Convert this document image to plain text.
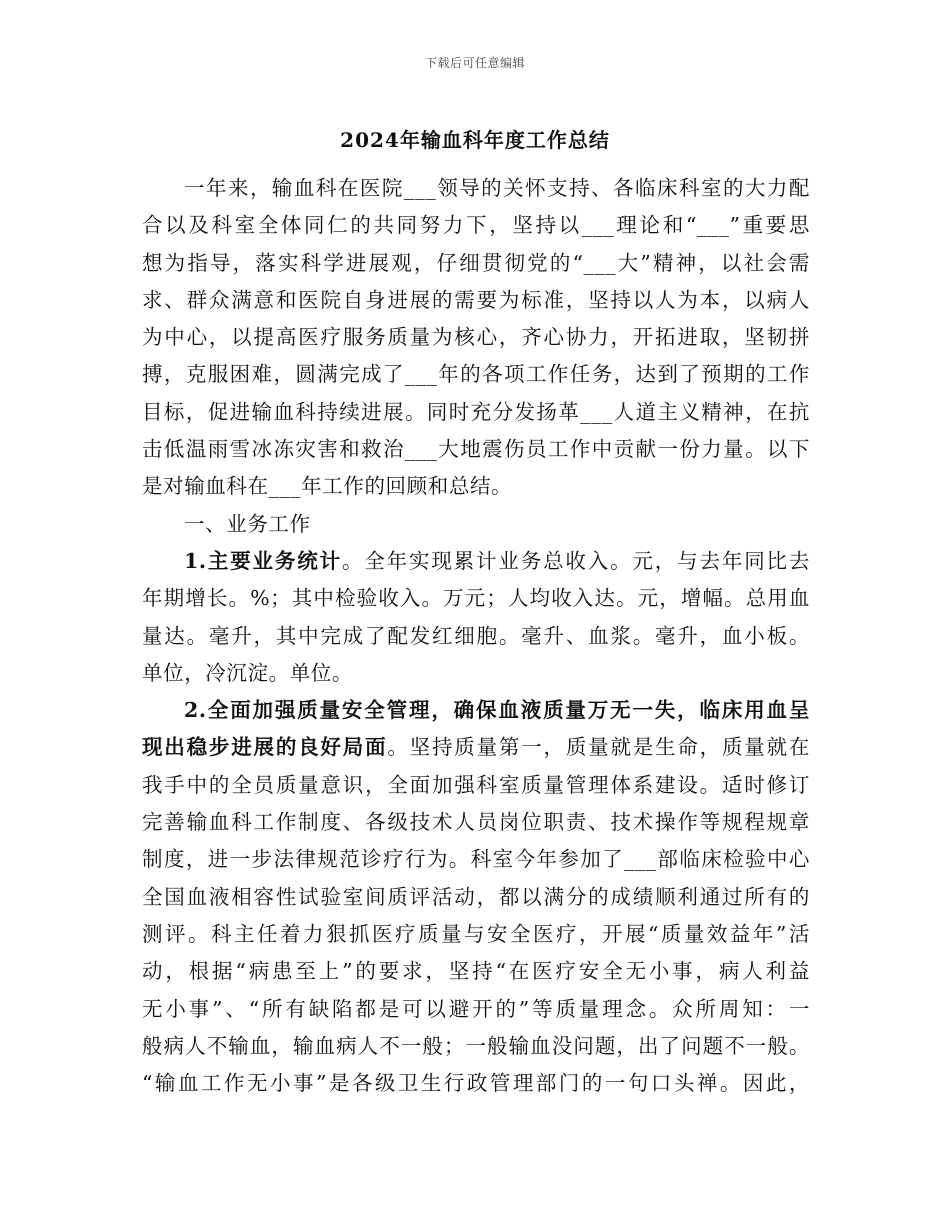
下载后可任意编辑
2024年输血科年度工作总结
一年来，输血科在医院___领导的关怀支持、各临床科室的大力配
合以及科室全体同仁的共同努力下，坚持以___理论和“___”重要思
想为指导，落实科学进展观，仔细贯彻党的“___大”精神，以社会需
求、群众满意和医院自身进展的需要为标准，坚持以人为本，以病人
为中心，以提高医疗服务质量为核心，齐心协力，开拓进取，坚韧拼
搏，克服困难，圆满完成了___年的各项工作任务，达到了预期的工作
目标，促进输血科持续进展。同时充分发扬革___人道主义精神，在抗
击低温雨雪冰冻灾害和救治___大地震伤员工作中贡献一份力量。以下
是对输血科在___年工作的回顾和总结。
一、业务工作
1.主要业务统计。全年实现累计业务总收入。元，与去年同比去
年期增长。%；其中检验收入。万元；人均收入达。元，增幅。总用血
量达。毫升，其中完成了配发红细胞。毫升、血浆。毫升，血小板。
单位，冷沉淀。单位。
2.全面加强质量安全管理，确保血液质量万无一失，临床用血呈
现出稳步进展的良好局面。坚持质量第一，质量就是生命，质量就在
我手中的全员质量意识，全面加强科室质量管理体系建设。适时修订
完善输血科工作制度、各级技术人员岗位职责、技术操作等规程规章
制度，进一步法律规范诊疗行为。科室今年参加了___部临床检验中心
全国血液相容性试验室间质评活动，都以满分的成绩顺利通过所有的
测评。科主任着力狠抓医疗质量与安全医疗，开展“质量效益年”活
动，根据“病患至上”的要求，坚持“在医疗安全无小事，病人利益
无小事”、“所有缺陷都是可以避开的”等质量理念。众所周知：一
般病人不输血，输血病人不一般；一般输血没问题，出了问题不一般。
“输血工作无小事”是各级卫生行政管理部门的一句口头禅。因此，
